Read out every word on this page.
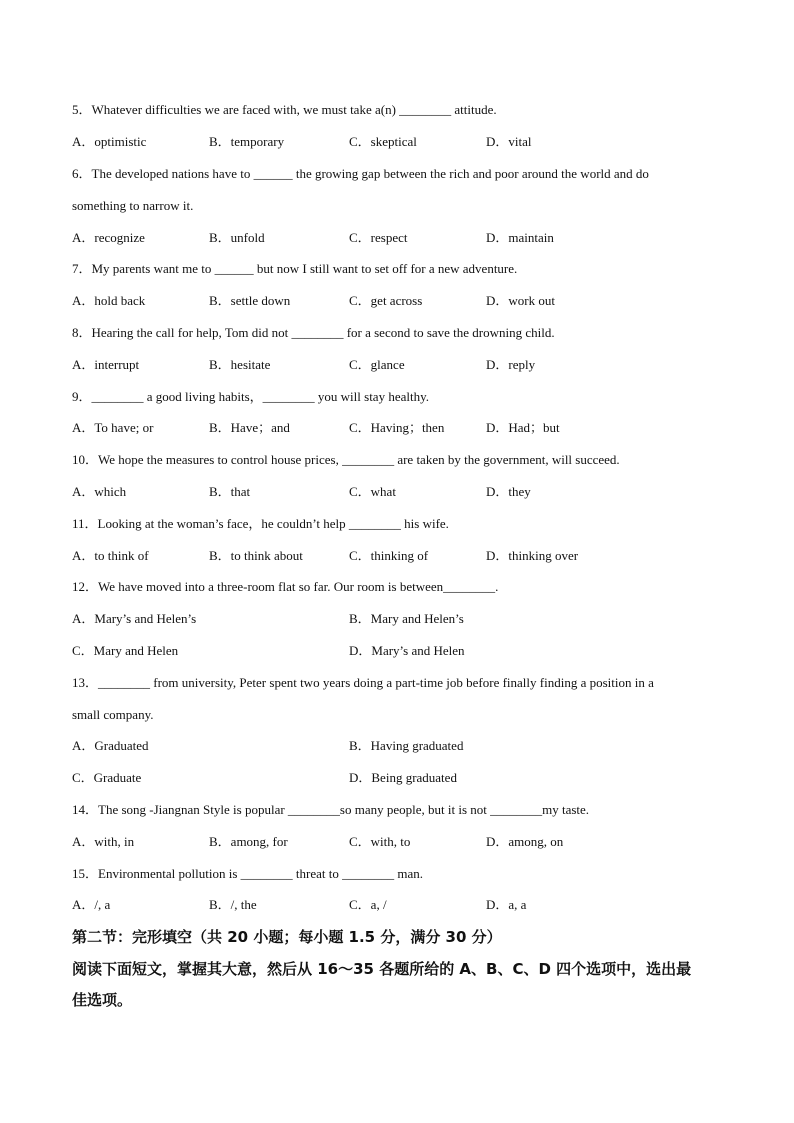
5．Whatever difficulties we are faced with, we must take a(n) ________ attitude.
A．optimistic	B．temporary	C．skeptical	D．vital
6．The developed nations have to ______ the growing gap between the rich and poor around the world and do
something to narrow it.
A．recognize	B．unfold	C．respect	D．maintain
7．My parents want me to ______ but now I still want to set off for a new adventure.
A．hold back	B．settle down	C．get across	D．work out
8．Hearing the call for help, Tom did not ________ for a second to save the drowning child.
A．interrupt	B．hesitate	C．glance	D．reply
9．________ a good living habits，________ you will stay healthy.
A．To have; or	B．Have；and	C．Having；then	D．Had；but
10．We hope the measures to control house prices, ________ are taken by the government, will succeed.
A．which	B．that	C．what	D．they
11．Looking at the woman’s face，he couldn’t help ________ his wife.
A．to think of	B．to think about	C．thinking of	D．thinking over
12．We have moved into a three-room flat so far. Our room is between________.
A．Mary’s and Helen’s	B．Mary and Helen’s
C．Mary and Helen	D．Mary’s and Helen
13．________ from university, Peter spent two years doing a part-time job before finally finding a position in a
small company.
A．Graduated	B．Having graduated
C．Graduate	D．Being graduated
14．The song -Jiangnan Style is popular ________so many people, but it is not ________my taste.
A．with, in	B．among, for	C．with, to	D．among, on
15．Environmental pollution is ________ threat to ________ man.
A．/, a	B．/, the	C．a, /	D．a, a
第二节：完形填空（共 20 小题；每小题 1.5 分，满分 30 分）
阅读下面短文，掌握其大意，然后从 16～35 各题所给的 A、B、C、D 四个选项中，选出最
佳选项。
